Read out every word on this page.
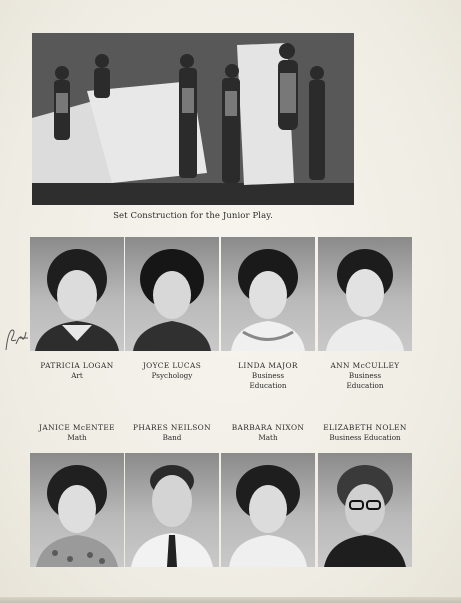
Set Construction for the Junior Play.
PATRICIA LOGAN
Art
JOYCE LUCAS
Psychology
LINDA MAJOR
Business
Education
ANN McCULLEY
Business
Education
JANICE McENTEE
Math
PHARES NEILSON
Band
BARBARA NIXON
Math
ELIZABETH NOLEN
Business Education
